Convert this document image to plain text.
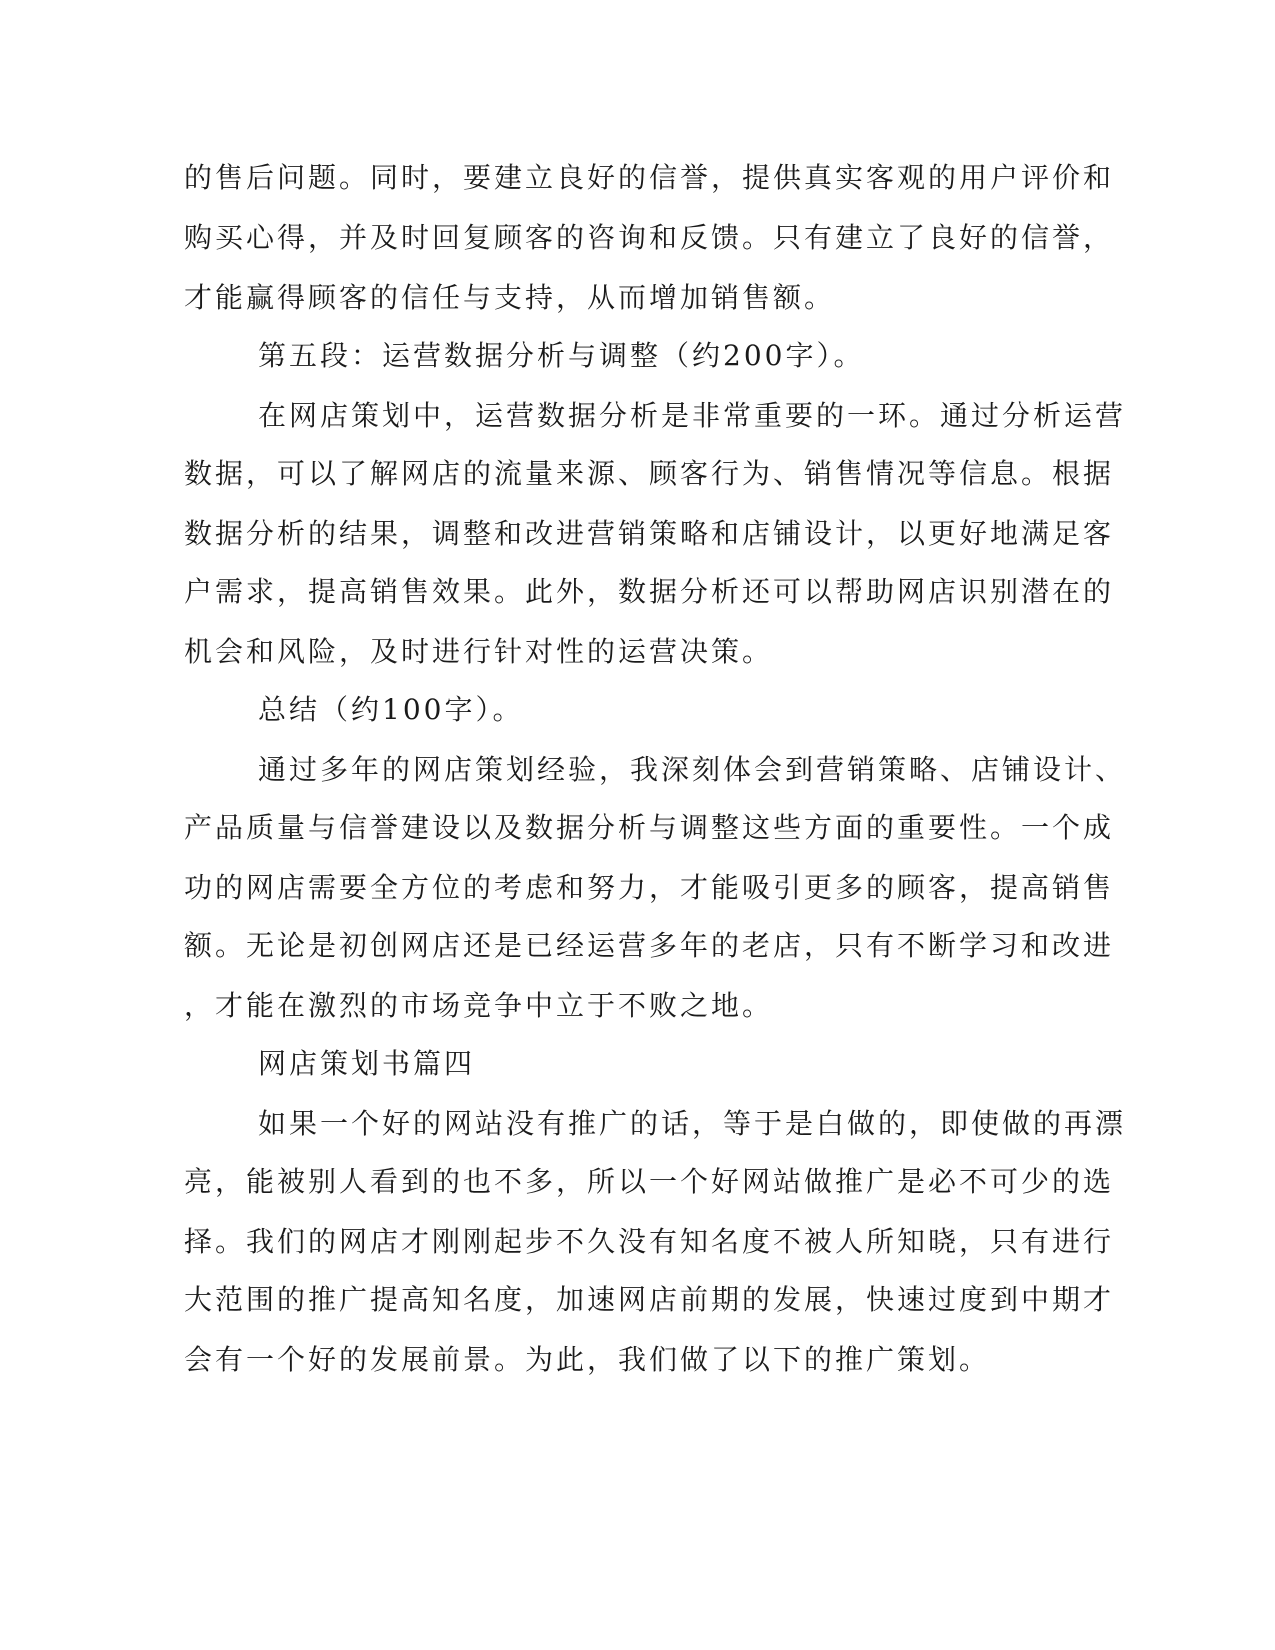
的售后问题。同时，要建立良好的信誉，提供真实客观的用户评价和
购买心得，并及时回复顾客的咨询和反馈。只有建立了良好的信誉，
才能赢得顾客的信任与支持，从而增加销售额。
第五段：运营数据分析与调整（约200字）。
在网店策划中，运营数据分析是非常重要的一环。通过分析运营
数据，可以了解网店的流量来源、顾客行为、销售情况等信息。根据
数据分析的结果，调整和改进营销策略和店铺设计，以更好地满足客
户需求，提高销售效果。此外，数据分析还可以帮助网店识别潜在的
机会和风险，及时进行针对性的运营决策。
总结（约100字）。
通过多年的网店策划经验，我深刻体会到营销策略、店铺设计、
产品质量与信誉建设以及数据分析与调整这些方面的重要性。一个成
功的网店需要全方位的考虑和努力，才能吸引更多的顾客，提高销售
额。无论是初创网店还是已经运营多年的老店，只有不断学习和改进
，才能在激烈的市场竞争中立于不败之地。
网店策划书篇四
如果一个好的网站没有推广的话，等于是白做的，即使做的再漂
亮，能被别人看到的也不多，所以一个好网站做推广是必不可少的选
择。我们的网店才刚刚起步不久没有知名度不被人所知晓，只有进行
大范围的推广提高知名度，加速网店前期的发展，快速过度到中期才
会有一个好的发展前景。为此，我们做了以下的推广策划。
